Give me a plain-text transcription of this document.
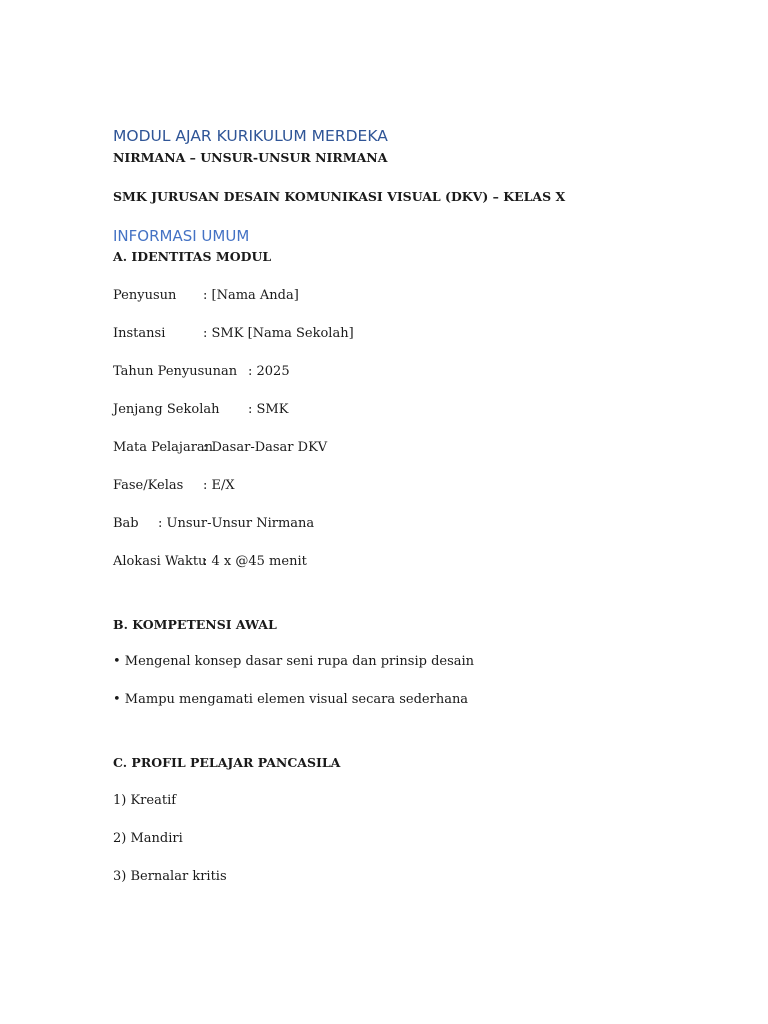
MODUL AJAR KURIKULUM MERDEKA
NIRMANA – UNSUR-UNSUR NIRMANA
SMK JURUSAN DESAIN KOMUNIKASI VISUAL (DKV) – KELAS X
INFORMASI UMUM
A. IDENTITAS MODUL
Penyusun : [Nama Anda]
Instansi	: SMK [Nama Sekolah]
Tahun Penyusunan : 2025
Jenjang Sekolah : SMK
Mata Pelajaran
: Dasar-Dasar DKV
Fase/Kelas : E/X
Bab : Unsur-Unsur Nirmana
Alokasi Waktu
: 4 x @45 menit
B. KOMPETENSI AWAL
• Mengenal konsep dasar seni rupa dan prinsip desain
• Mampu mengamati elemen visual secara sederhana
C. PROFIL PELAJAR PANCASILA
1) Kreatif
2) Mandiri
3) Bernalar kritis
